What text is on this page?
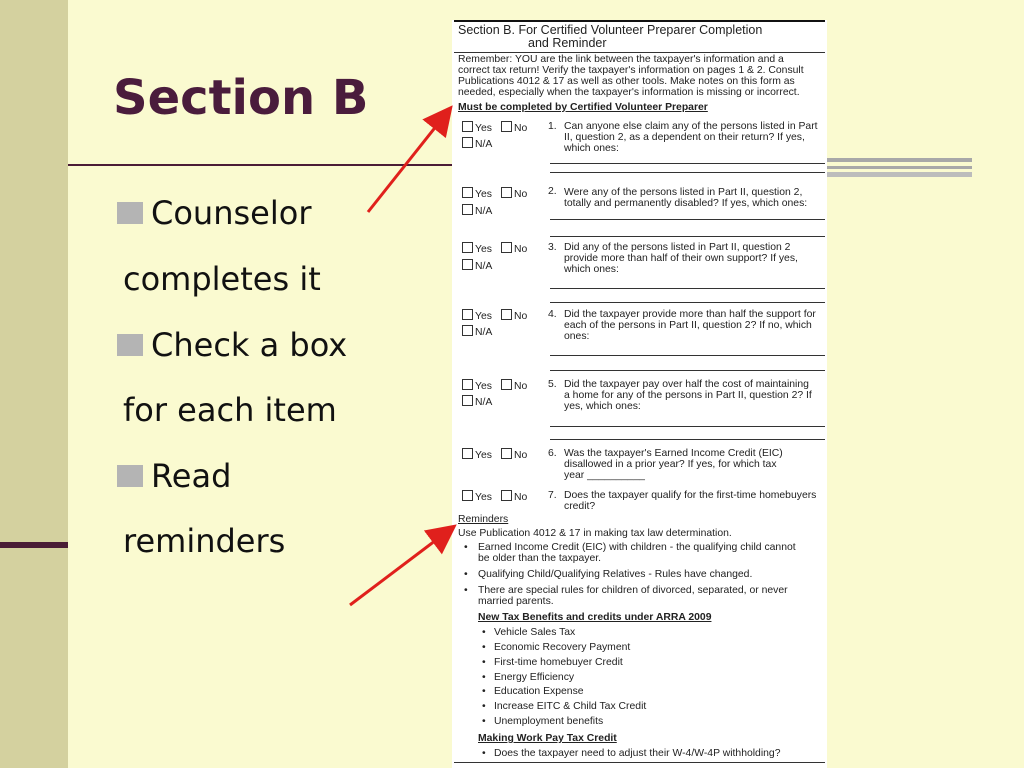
Section B

Counselor

completes it

Check a box

for each item

Read

reminders

Section B. For Certified Volunteer Preparer Completion
and Reminder
Remember: YOU are the link between the taxpayer's information and a
correct tax return! Verify the taxpayer's information on pages 1 & 2. Consult
Publications 4012 & 17 as well as other tools. Make notes on this form as
needed, especially when the taxpayer's information is missing or incorrect.
Must be completed by Certified Volunteer Preparer
Yes	No
N/A
1. Can anyone else claim any of the persons listed in Part
II, question 2, as a dependent on their return? If yes,
which ones:
Yes	No
N/A
2. Were any of the persons listed in Part II, question 2,
totally and permanently disabled? If yes, which ones:
Yes	No
N/A
3. Did any of the persons listed in Part II, question 2
provide more than half of their own support? If yes,
which ones:
Yes	No
N/A
4. Did the taxpayer provide more than half the support for
each of the persons in Part II, question 2? If no, which
ones:
Yes	No
N/A
5. Did the taxpayer pay over half the cost of maintaining
a home for any of the persons in Part II, question 2? If
yes, which ones:
Yes	No 6. Was the taxpayer's Earned Income Credit (EIC)
disallowed in a prior year? If yes, for which tax
year __________
Yes	No 7. Does the taxpayer qualify for the first-time homebuyers
credit?
Reminders
Use Publication 4012 & 17 in making tax law determination.
• Earned Income Credit (EIC) with children - the qualifying child cannot
be older than the taxpayer.
• Qualifying Child/Qualifying Relatives - Rules have changed.
• There are special rules for children of divorced, separated, or never
married parents.
New Tax Benefits and credits under ARRA 2009
• Vehicle Sales Tax
• Economic Recovery Payment
• First-time homebuyer Credit
• Energy Efficiency
• Education Expense
• Increase EITC & Child Tax Credit
• Unemployment benefits
Making Work Pay Tax Credit
• Does the taxpayer need to adjust their W-4/W-4P withholding?
